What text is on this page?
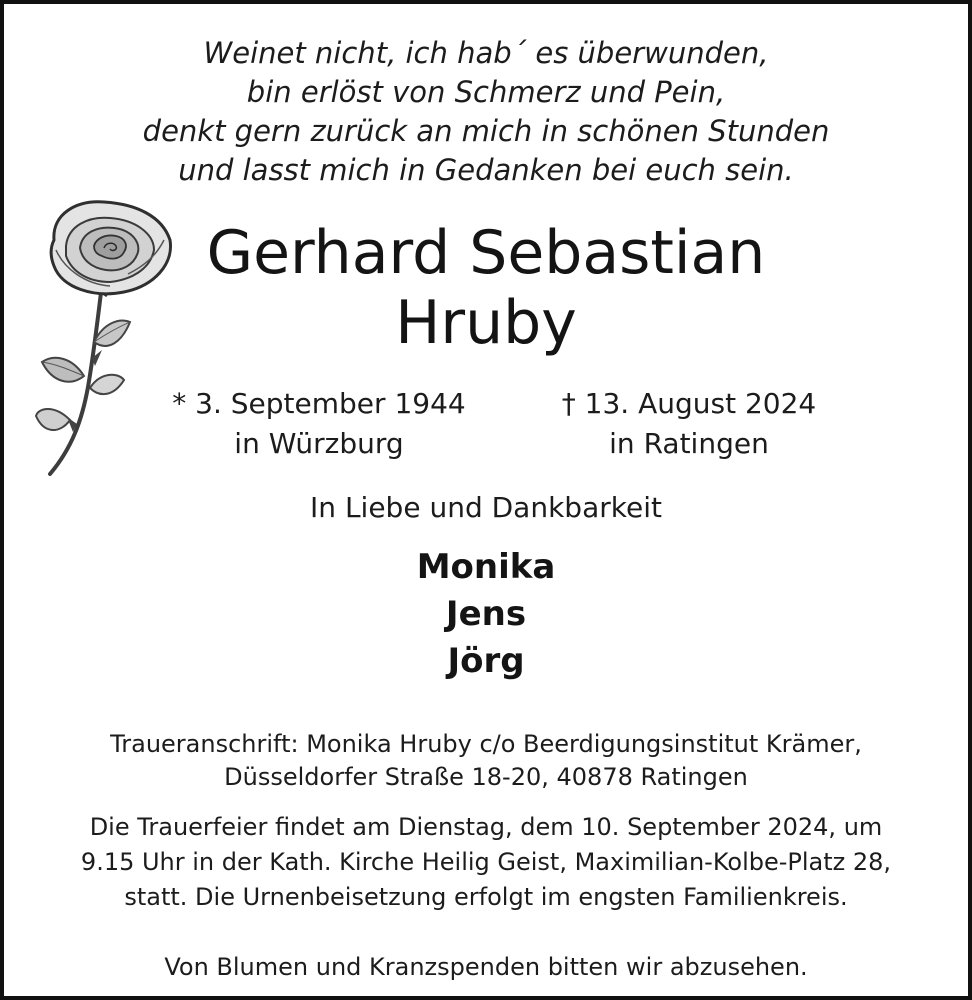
Weinet nicht, ich hab´ es überwunden,
bin erlöst von Schmerz und Pein,
denkt gern zurück an mich in schönen Stunden
und lasst mich in Gedanken bei euch sein.
Gerhard Sebastian
Hruby
* 3. September 1944
in Würzburg
† 13. August 2024
in Ratingen
In Liebe und Dankbarkeit
Monika
Jens
Jörg
Traueranschrift: Monika Hruby c/o Beerdigungsinstitut Krämer,
Düsseldorfer Straße 18-20, 40878 Ratingen
Die Trauerfeier findet am Dienstag, dem 10. September 2024, um
9.15 Uhr in der Kath. Kirche Heilig Geist, Maximilian-Kolbe-Platz 28,
statt. Die Urnenbeisetzung erfolgt im engsten Familienkreis.
Von Blumen und Kranzspenden bitten wir abzusehen.
